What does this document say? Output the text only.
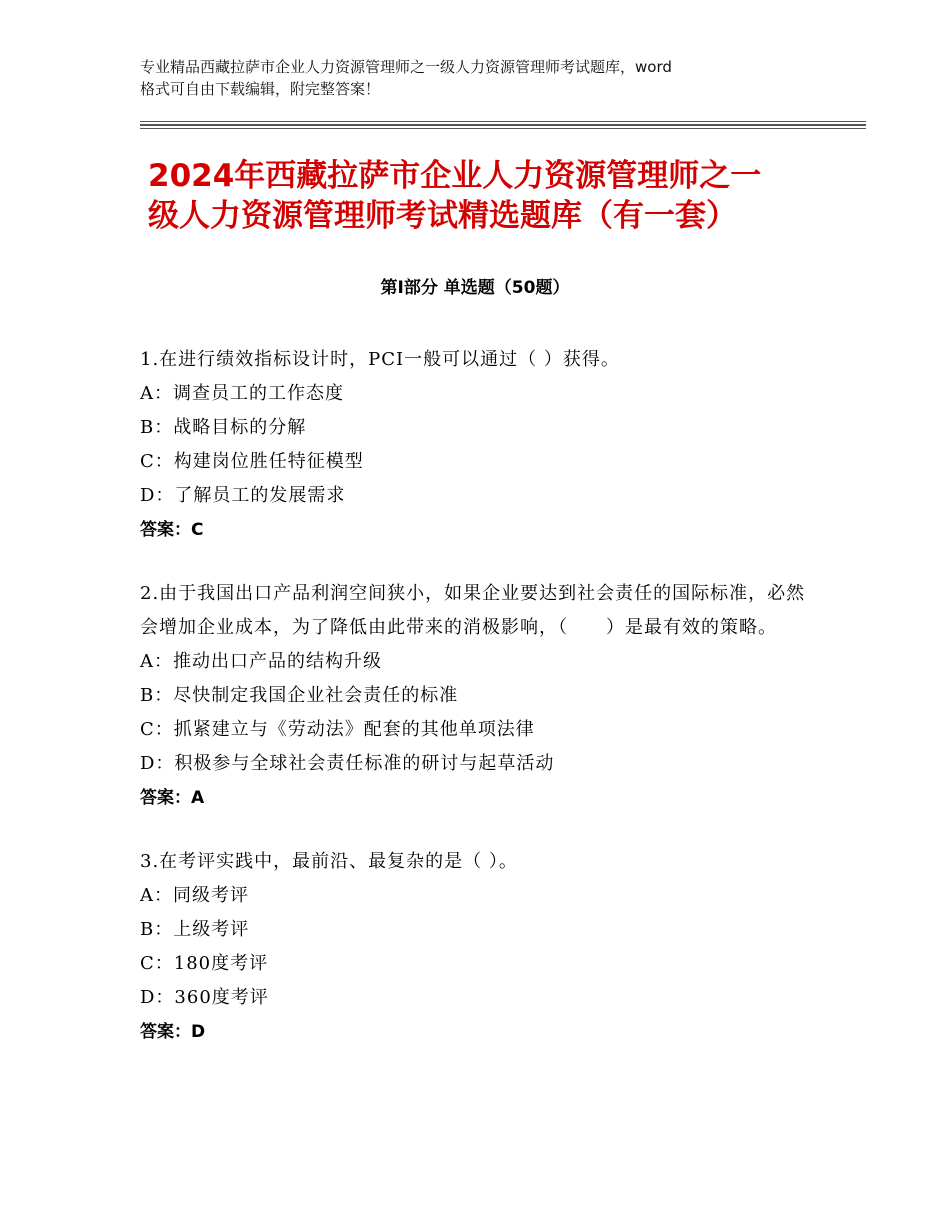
专业精品西藏拉萨市企业人力资源管理师之一级人力资源管理师考试题库，word
格式可自由下载编辑，附完整答案！
2024年西藏拉萨市企业人力资源管理师之一
级人力资源管理师考试精选题库（有一套）
第Ⅰ部分 单选题（50题）
1.在进行绩效指标设计时，PCI一般可以通过（ ）获得。
A：调查员工的工作态度
B：战略目标的分解
C：构建岗位胜任特征模型
D：了解员工的发展需求
答案：C
2.由于我国出口产品利润空间狭小，如果企业要达到社会责任的国际标准，必然会增加企业成本，为了降低由此带来的消极影响，（　　）是最有效的策略。
A：推动出口产品的结构升级
B：尽快制定我国企业社会责任的标准
C：抓紧建立与《劳动法》配套的其他单项法律
D：积极参与全球社会责任标准的研讨与起草活动
答案：A
3.在考评实践中，最前沿、最复杂的是（ ）。
A：同级考评
B：上级考评
C：180度考评
D：360度考评
答案：D
